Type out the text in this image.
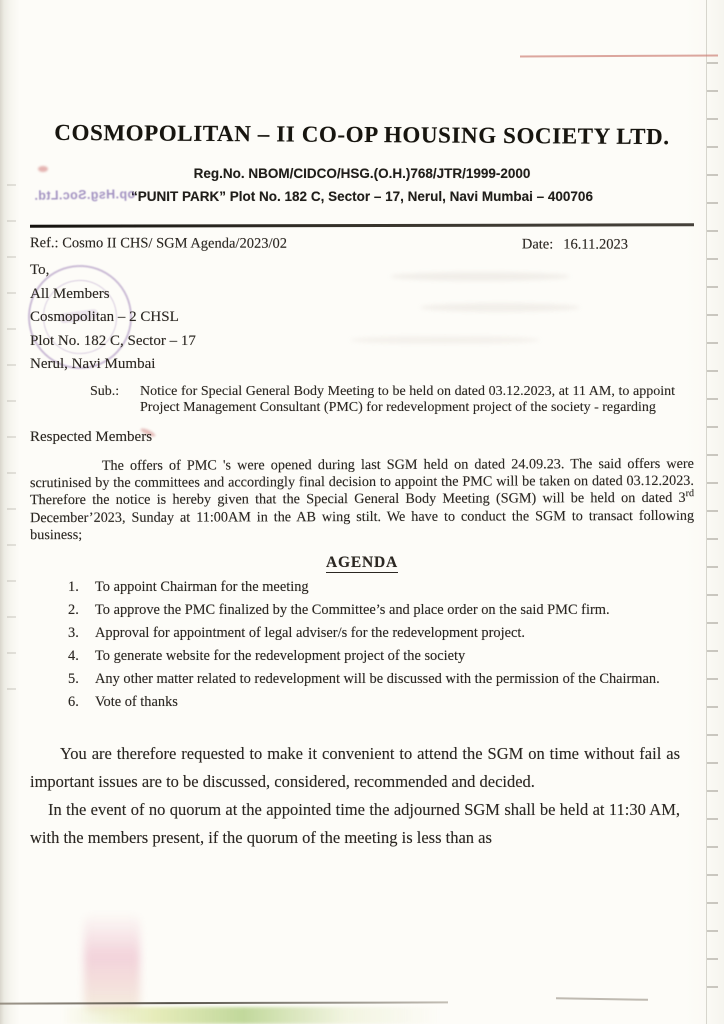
COSMOPOLITAN – II CO-OP HOUSING SOCIETY LTD.
Reg.No. NBOM/CIDCO/HSG.(O.H.)768/JTR/1999-2000
op.Hsg.Soc.Ltd.
“PUNIT PARK” Plot No. 182 C, Sector – 17, Nerul, Navi Mumbai – 400706
Ref.: Cosmo II CHS/ SGM Agenda/2023/02	Date: 16.11.2023
To,
All Members
Cosmopolitan – 2 CHSL
Plot No. 182 C, Sector – 17
Nerul, Navi Mumbai
Sub.:	Notice for Special General Body Meeting to be held on dated 03.12.2023, at 11 AM, to appoint Project Management Consultant (PMC) for redevelopment project of the society - regarding
Respected Members

The offers of PMC 's were opened during last SGM held on dated 24.09.23. The said offers were scrutinised by the committees and accordingly final decision to appoint the PMC will be taken on dated 03.12.2023. Therefore the notice is hereby given that the Special General Body Meeting (SGM) will be held on dated 3rd December’2023, Sunday at 11:00AM in the AB wing stilt. We have to conduct the SGM to transact following business;

AGENDA
1.	To appoint Chairman for the meeting
2.	To approve the PMC finalized by the Committee’s and place order on the said PMC firm.
3.	Approval for appointment of legal adviser/s for the redevelopment project.
4.	To generate website for the redevelopment project of the society
5.	Any other matter related to redevelopment will be discussed with the permission of the Chairman.
6.	Vote of thanks

You are therefore requested to make it convenient to attend the SGM on time without fail as important issues are to be discussed, considered, recommended and decided.

In the event of no quorum at the appointed time the adjourned SGM shall be held at 11:30 AM, with the members present, if the quorum of the meeting is less than as
